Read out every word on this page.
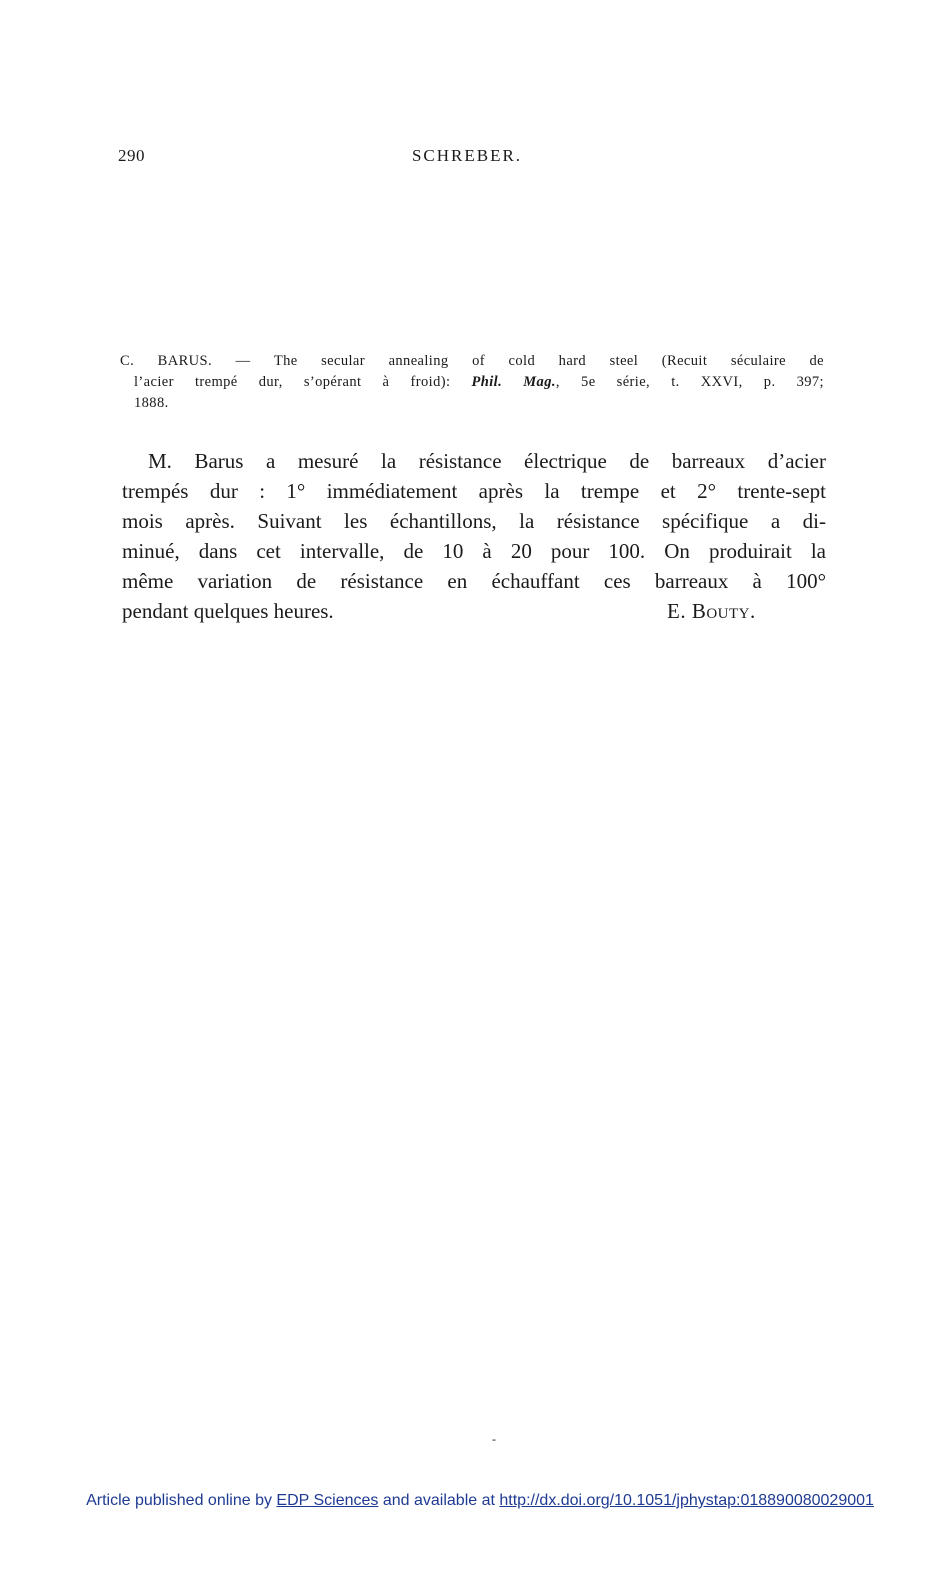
290	SCHREBER.
C. BARUS. — The secular annealing of cold hard steel (Recuit séculaire de
l’acier trempé dur, s’opérant à froid): Phil. Mag., 5e série, t. XXVI, p. 397;
1888.
M. Barus a mesuré la résistance électrique de barreaux d’acier
trempés dur : 1° immédiatement après la trempe et 2° trente-sept
mois après. Suivant les échantillons, la résistance spécifique a di-
minué, dans cet intervalle, de 10 à 20 pour 100. On produirait la
même variation de résistance en échauffant ces barreaux à 100°
pendant quelques heures.	E. Bouty.
-
Article published online by EDP Sciences and available at http://dx.doi.org/10.1051/jphystap:018890080029001
